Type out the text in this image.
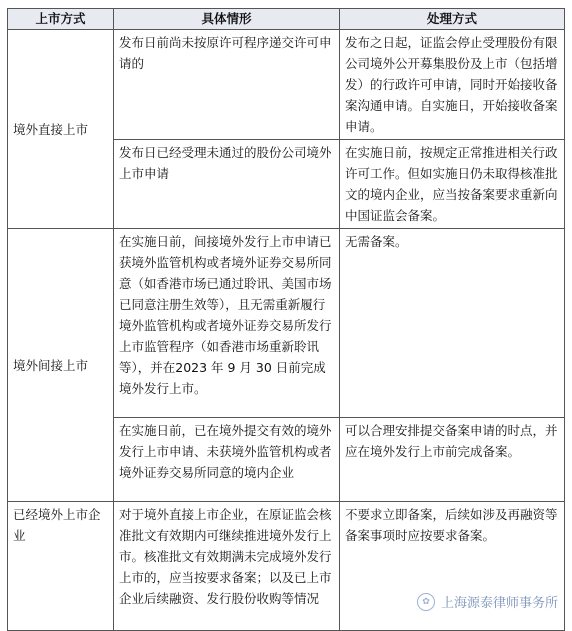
上市方式	具体情形	处理方式
境外直接上市	发布日前尚未按原许可程序递交许可申请的	发布之日起，证监会停止受理股份有限公司境外公开募集股份及上市（包括增发）的行政许可申请，同时开始接收备案沟通申请。自实施日，开始接收备案申请。
	发布日已经受理未通过的股份公司境外上市申请	在实施日前，按规定正常推进相关行政许可工作。但如实施日仍未取得核准批文的境内企业，应当按备案要求重新向中国证监会备案。
境外间接上市	在实施日前，间接境外发行上市申请已获境外监管机构或者境外证券交易所同意（如香港市场已通过聆讯、美国市场已同意注册生效等），且无需重新履行境外监管机构或者境外证券交易所发行上市监管程序（如香港市场重新聆讯等），并在2023 年 9 月 30 日前完成境外发行上市。	无需备案。
	在实施日前，已在境外提交有效的境外发行上市申请、未获境外监管机构或者境外证券交易所同意的境内企业	可以合理安排提交备案申请的时点，并应在境外发行上市前完成备案。
已经境外上市企业	对于境外直接上市企业，在原证监会核准批文有效期内可继续推进境外发行上市。核准批文有效期满未完成境外发行上市的，应当按要求备案；以及已上市企业后续融资、发行股份收购等情况	不要求立即备案，后续如涉及再融资等备案事项时应按要求备案。
✿ 上海源泰律师事务所
